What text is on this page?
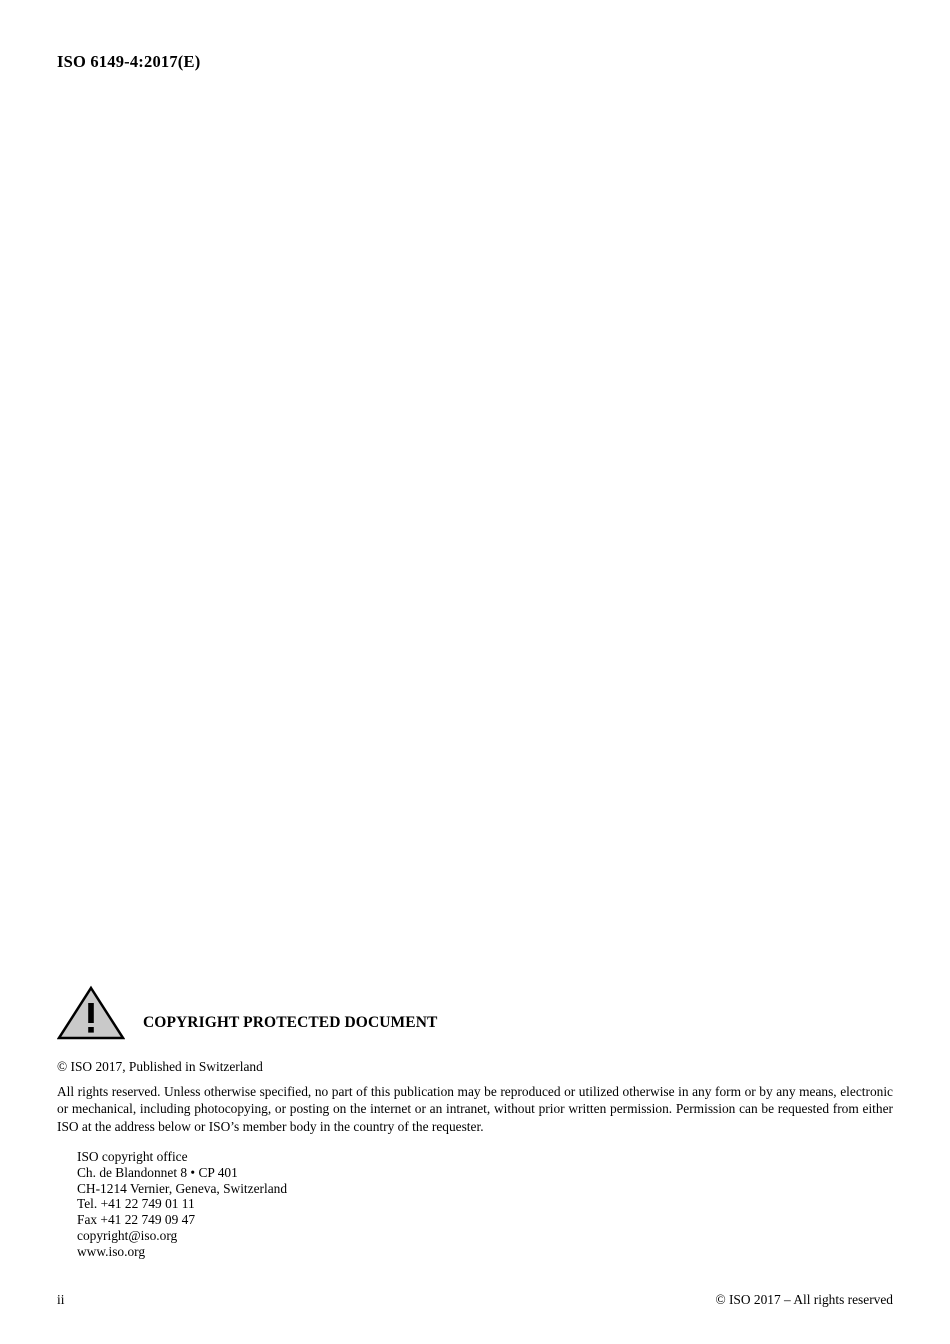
ISO 6149-4:2017(E)
COPYRIGHT PROTECTED DOCUMENT
© ISO 2017, Published in Switzerland
All rights reserved. Unless otherwise specified, no part of this publication may be reproduced or utilized otherwise in any form or by any means, electronic or mechanical, including photocopying, or posting on the internet or an intranet, without prior written permission. Permission can be requested from either ISO at the address below or ISO’s member body in the country of the requester.
ISO copyright office
Ch. de Blandonnet 8 • CP 401
CH-1214 Vernier, Geneva, Switzerland
Tel. +41 22 749 01 11
Fax +41 22 749 09 47
copyright@iso.org
www.iso.org
ii	© ISO 2017 – All rights reserved
